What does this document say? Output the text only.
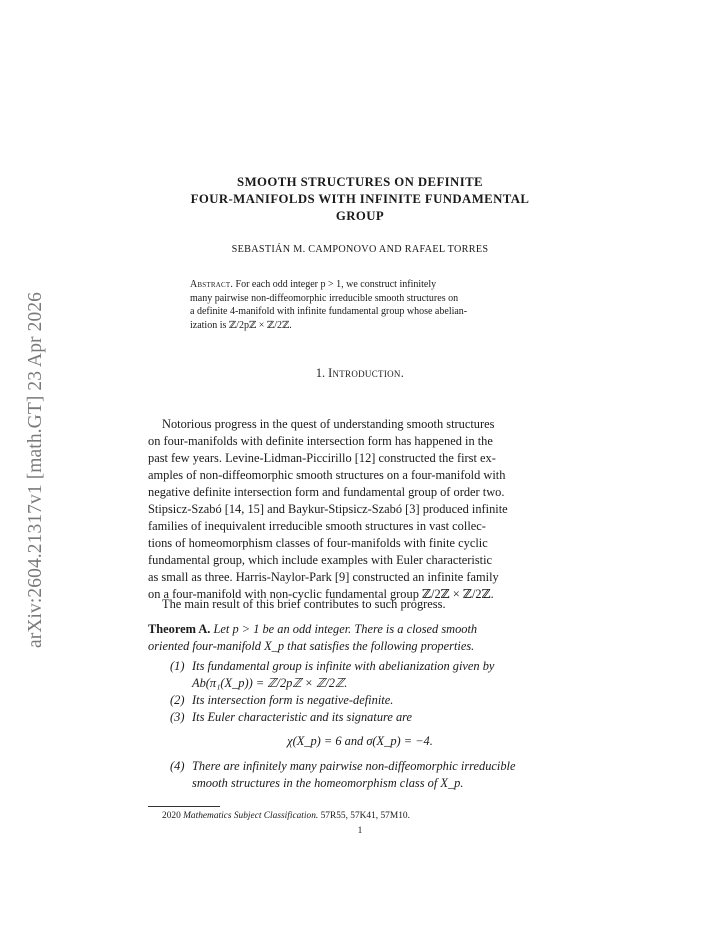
arXiv:2604.21317v1 [math.GT] 23 Apr 2026
SMOOTH STRUCTURES ON DEFINITE
FOUR-MANIFOLDS WITH INFINITE FUNDAMENTAL
GROUP
SEBASTIÁN M. CAMPONOVO AND RAFAEL TORRES
Abstract. For each odd integer p > 1, we construct infinitely
many pairwise non-diffeomorphic irreducible smooth structures on
a definite 4-manifold with infinite fundamental group whose abelian-
ization is ℤ/2pℤ × ℤ/2ℤ.
1. Introduction.
Notorious progress in the quest of understanding smooth structures
on four-manifolds with definite intersection form has happened in the
past few years. Levine-Lidman-Piccirillo [12] constructed the first ex-
amples of non-diffeomorphic smooth structures on a four-manifold with
negative definite intersection form and fundamental group of order two.
Stipsicz-Szabó [14, 15] and Baykur-Stipsicz-Szabó [3] produced infinite
families of inequivalent irreducible smooth structures in vast collec-
tions of homeomorphism classes of four-manifolds with finite cyclic
fundamental group, which include examples with Euler characteristic
as small as three. Harris-Naylor-Park [9] constructed an infinite family
on a four-manifold with non-cyclic fundamental group ℤ/2ℤ × ℤ/2ℤ.
The main result of this brief contributes to such progress.
Theorem A. Let p > 1 be an odd integer. There is a closed smooth
oriented four-manifold X_p that satisfies the following properties.
(1) Its fundamental group is infinite with abelianization given by
Ab(π₁(X_p)) = ℤ/2pℤ × ℤ/2ℤ.
(2) Its intersection form is negative-definite.
(3) Its Euler characteristic and its signature are
(4) There are infinitely many pairwise non-diffeomorphic irreducible
smooth structures in the homeomorphism class of X_p.
χ(X_p) = 6 and σ(X_p) = −4.
2020 Mathematics Subject Classification. 57R55, 57K41, 57M10.
1
